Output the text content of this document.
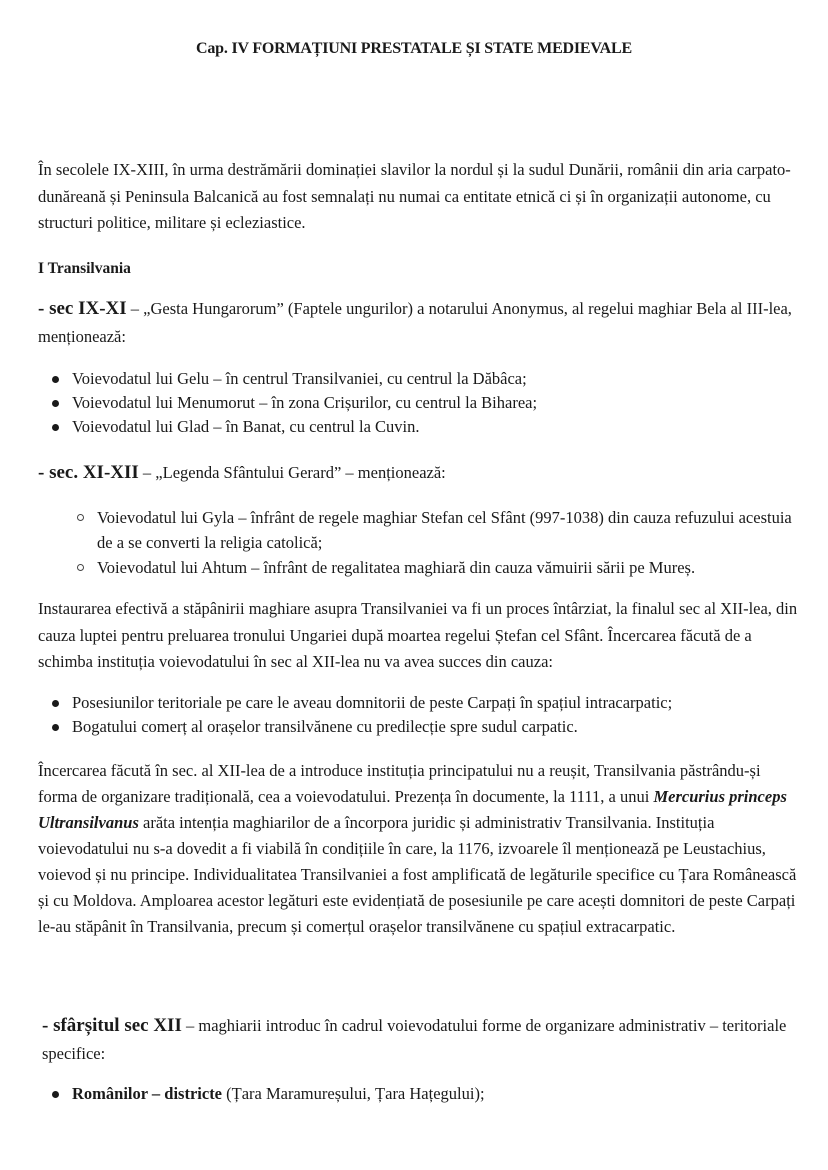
Cap. IV FORMAȚIUNI PRESTATALE ȘI STATE MEDIEVALE

În secolele IX-XIII, în urma destrămării dominației slavilor la nordul și la sudul Dunării, românii din aria carpato-dunăreană și Peninsula Balcanică au fost semnalați nu numai ca entitate etnică ci și în organizații autonome, cu structuri politice, militare și ecleziastice.

I Transilvania

- sec IX-XI – „Gesta Hungarorum” (Faptele ungurilor) a notarului Anonymus, al regelui maghiar Bela al III-lea, menționează:

Voievodatul lui Gelu – în centrul Transilvaniei, cu centrul la Dăbâca;
Voievodatul lui Menumorut – în zona Crișurilor, cu centrul la Biharea;
Voievodatul lui Glad – în Banat, cu centrul la Cuvin.

- sec. XI-XII – „Legenda Sfântului Gerard” – menționează:

Voievodatul lui Gyla – înfrânt de regele maghiar Stefan cel Sfânt (997-1038) din cauza refuzului acestuia de a se converti la religia catolică;
Voievodatul lui Ahtum – înfrânt de regalitatea maghiară din cauza vămuirii sării pe Mureș.

Instaurarea efectivă a stăpânirii maghiare asupra Transilvaniei va fi un proces întârziat, la finalul sec al XII-lea, din cauza luptei pentru preluarea tronului Ungariei după moartea regelui Ștefan cel Sfânt. Încercarea făcută de a schimba instituția voievodatului în sec al XII-lea nu va avea succes din cauza:

Posesiunilor teritoriale pe care le aveau domnitorii de peste Carpați în spațiul intracarpatic;
Bogatului comerț al orașelor transilvănene cu predilecție spre sudul carpatic.

Încercarea făcută în sec. al XII-lea de a introduce instituția principatului nu a reușit, Transilvania păstrându-și forma de organizare tradițională, cea a voievodatului. Prezența în documente, la 1111, a unui Mercurius princeps Ultransilvanus arăta intenția maghiarilor de a încorpora juridic și administrativ Transilvania. Instituția voievodatului nu s-a dovedit a fi viabilă în condițiile în care, la 1176, izvoarele îl menționează pe Leustachius, voievod și nu principe. Individualitatea Transilvaniei a fost amplificată de legăturile specifice cu Țara Românească și cu Moldova. Amploarea acestor legături este evidențiată de posesiunile pe care acești domnitori de peste Carpați le-au stăpânit în Transilvania, precum și comerțul orașelor transilvănene cu spațiul extracarpatic.

- sfârșitul sec XII – maghiarii introduc în cadrul voievodatului forme de organizare administrativ – teritoriale specifice:

Românilor – districte (Țara Maramureșului, Țara Hațegului);
